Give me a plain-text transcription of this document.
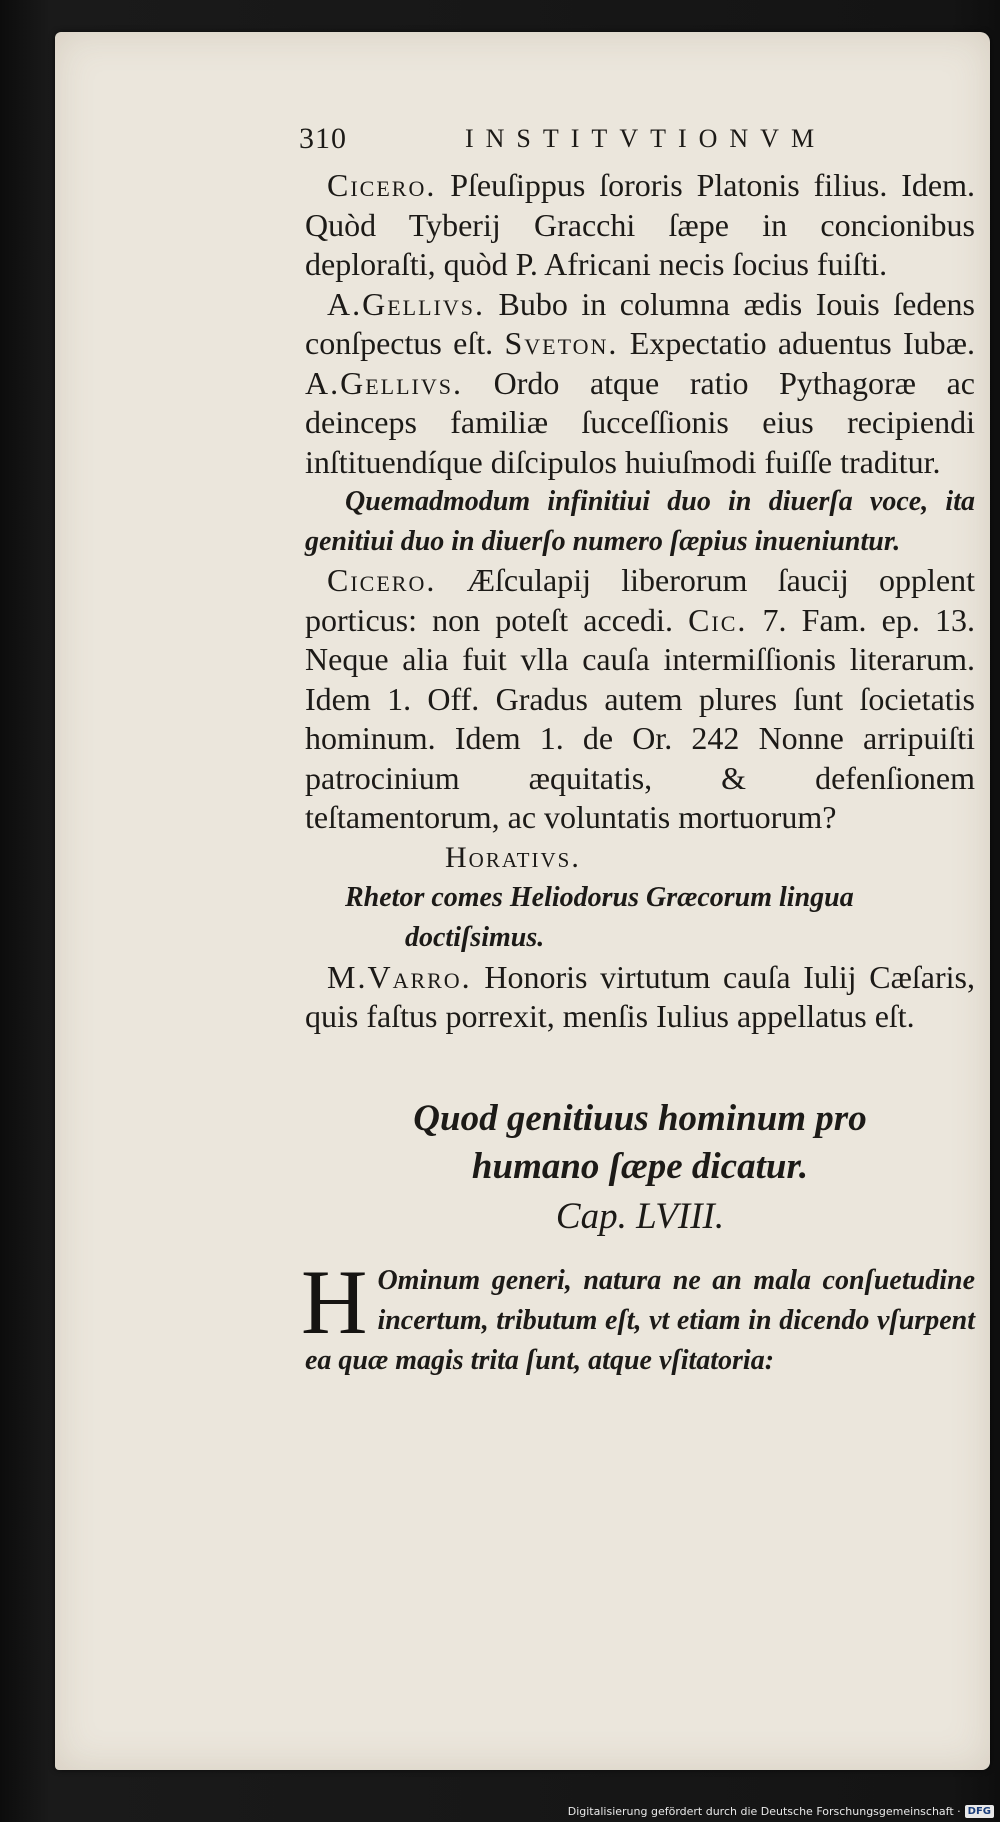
310	INSTITVTIONVM

Cicero. Pſeuſippus ſororis Platonis filius. Idem. Quòd Tyberij Gracchi ſæpe in concionibus deploraſti, quòd P. Africani necis ſocius fuiſti.

A.Gellivs. Bubo in columna ædis Iouis ſedens conſpectus eſt. Sveton. Expectatio aduentus Iubæ. A.Gellivs. Ordo atque ratio Pythagoræ ac deinceps familiæ ſucceſſionis eius recipiendi inſtituendíque diſcipulos huiuſmodi fuiſſe traditur.

Quemadmodum infinitiui duo in diuerſa voce, ita genitiui duo in diuerſo numero ſæpius inueniuntur.

Cicero. Æſculapij liberorum ſaucij opplent porticus: non poteſt accedi. Cic. 7. Fam. ep. 13. Neque alia fuit vlla cauſa intermiſſionis literarum. Idem 1. Off. Gradus autem plures ſunt ſocietatis hominum. Idem 1. de Or. 242 Nonne arripuiſti patrocinium æquitatis, & defenſionem teſtamentorum, ac voluntatis mortuorum?

Horativs.

Rhetor comes Heliodorus Græcorum lingua
doctiſsimus.

M.Varro. Honoris virtutum cauſa Iulij Cæſaris, quis faſtus porrexit, menſis Iulius appellatus eſt.

Quod genitiuus hominum pro
humano ſæpe dicatur.

Cap. LVIII.

H Ominum generi, natura ne an mala conſuetudine incertum, tributum eſt, vt etiam in dicendo vſurpent ea quæ magis trita ſunt, atque vſitatoria:

Digitalisierung gefördert durch die Deutsche Forschungsgemeinschaft · DFG
